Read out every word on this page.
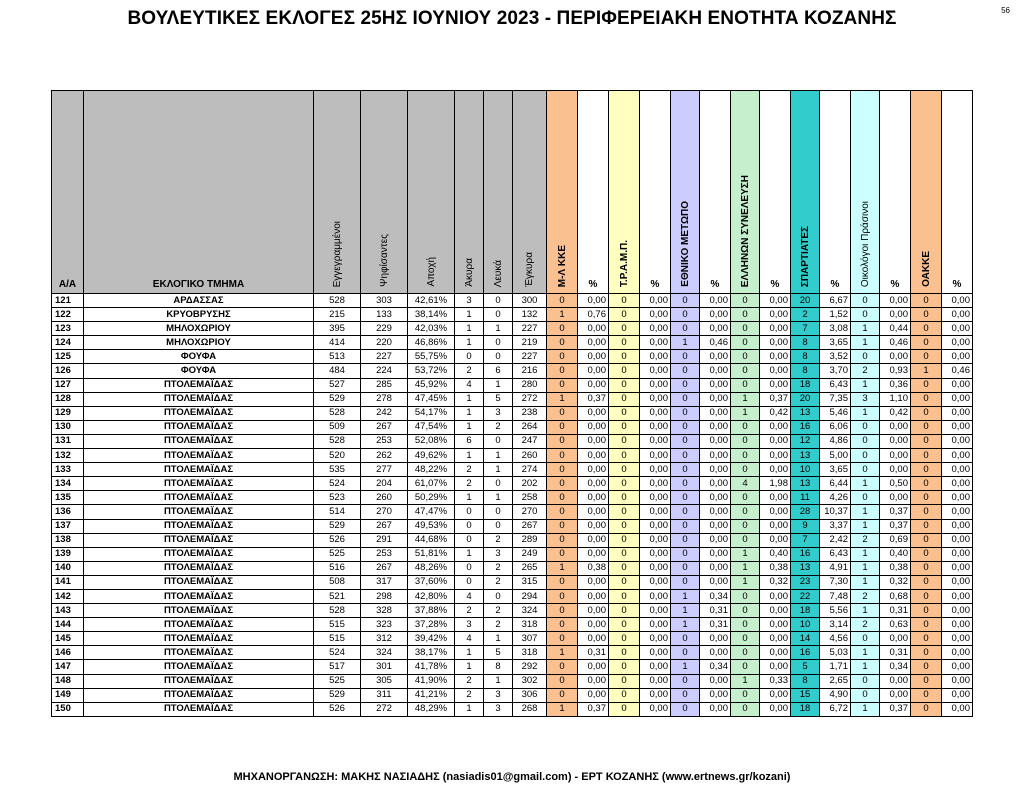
ΒΟΥΛΕΥΤΙΚΕΣ ΕΚΛΟΓΕΣ 25ΗΣ ΙΟΥΝΙΟΥ 2023 - ΠΕΡΙΦΕΡΕΙΑΚΗ ΕΝΟΤΗΤΑ ΚΟΖΑΝΗΣ	56
Α/Α	ΕΚΛΟΓΙΚΟ ΤΜΗΜΑ	Εγγεγραμμένοι	Ψηφίσαντες	Αποχή	Άκυρα	Λευκά	Έγκυρα	Μ-Λ ΚΚΕ	%	Τ.Ρ.Α.Μ.Π.	%	ΕΘΝΙΚΟ ΜΕΤΩΠΟ	%	ΕΛΛΗΝΩΝ ΣΥΝΕΛΕΥΣΗ	%	ΣΠΑΡΤΙΑΤΕΣ	%	Οικολόγοι Πράσινοι	%	ΟΑΚΚΕ	%
121	ΑΡΔΑΣΣΑΣ	528	303	42,61%	3	0	300	0	0,00	0	0,00	0	0,00	0	0,00	20	6,67	0	0,00	0	0,00
122	ΚΡΥΟΒΡΥΣΗΣ	215	133	38,14%	1	0	132	1	0,76	0	0,00	0	0,00	0	0,00	2	1,52	0	0,00	0	0,00
123	ΜΗΛΟΧΩΡΙΟΥ	395	229	42,03%	1	1	227	0	0,00	0	0,00	0	0,00	0	0,00	7	3,08	1	0,44	0	0,00
124	ΜΗΛΟΧΩΡΙΟΥ	414	220	46,86%	1	0	219	0	0,00	0	0,00	1	0,46	0	0,00	8	3,65	1	0,46	0	0,00
125	ΦΟΥΦΑ	513	227	55,75%	0	0	227	0	0,00	0	0,00	0	0,00	0	0,00	8	3,52	0	0,00	0	0,00
126	ΦΟΥΦΑ	484	224	53,72%	2	6	216	0	0,00	0	0,00	0	0,00	0	0,00	8	3,70	2	0,93	1	0,46
127	ΠΤΟΛΕΜΑΪΔΑΣ	527	285	45,92%	4	1	280	0	0,00	0	0,00	0	0,00	0	0,00	18	6,43	1	0,36	0	0,00
128	ΠΤΟΛΕΜΑΪΔΑΣ	529	278	47,45%	1	5	272	1	0,37	0	0,00	0	0,00	1	0,37	20	7,35	3	1,10	0	0,00
129	ΠΤΟΛΕΜΑΪΔΑΣ	528	242	54,17%	1	3	238	0	0,00	0	0,00	0	0,00	1	0,42	13	5,46	1	0,42	0	0,00
130	ΠΤΟΛΕΜΑΪΔΑΣ	509	267	47,54%	1	2	264	0	0,00	0	0,00	0	0,00	0	0,00	16	6,06	0	0,00	0	0,00
131	ΠΤΟΛΕΜΑΪΔΑΣ	528	253	52,08%	6	0	247	0	0,00	0	0,00	0	0,00	0	0,00	12	4,86	0	0,00	0	0,00
132	ΠΤΟΛΕΜΑΪΔΑΣ	520	262	49,62%	1	1	260	0	0,00	0	0,00	0	0,00	0	0,00	13	5,00	0	0,00	0	0,00
133	ΠΤΟΛΕΜΑΪΔΑΣ	535	277	48,22%	2	1	274	0	0,00	0	0,00	0	0,00	0	0,00	10	3,65	0	0,00	0	0,00
134	ΠΤΟΛΕΜΑΪΔΑΣ	524	204	61,07%	2	0	202	0	0,00	0	0,00	0	0,00	4	1,98	13	6,44	1	0,50	0	0,00
135	ΠΤΟΛΕΜΑΪΔΑΣ	523	260	50,29%	1	1	258	0	0,00	0	0,00	0	0,00	0	0,00	11	4,26	0	0,00	0	0,00
136	ΠΤΟΛΕΜΑΪΔΑΣ	514	270	47,47%	0	0	270	0	0,00	0	0,00	0	0,00	0	0,00	28	10,37	1	0,37	0	0,00
137	ΠΤΟΛΕΜΑΪΔΑΣ	529	267	49,53%	0	0	267	0	0,00	0	0,00	0	0,00	0	0,00	9	3,37	1	0,37	0	0,00
138	ΠΤΟΛΕΜΑΪΔΑΣ	526	291	44,68%	0	2	289	0	0,00	0	0,00	0	0,00	0	0,00	7	2,42	2	0,69	0	0,00
139	ΠΤΟΛΕΜΑΪΔΑΣ	525	253	51,81%	1	3	249	0	0,00	0	0,00	0	0,00	1	0,40	16	6,43	1	0,40	0	0,00
140	ΠΤΟΛΕΜΑΪΔΑΣ	516	267	48,26%	0	2	265	1	0,38	0	0,00	0	0,00	1	0,38	13	4,91	1	0,38	0	0,00
141	ΠΤΟΛΕΜΑΪΔΑΣ	508	317	37,60%	0	2	315	0	0,00	0	0,00	0	0,00	1	0,32	23	7,30	1	0,32	0	0,00
142	ΠΤΟΛΕΜΑΪΔΑΣ	521	298	42,80%	4	0	294	0	0,00	0	0,00	1	0,34	0	0,00	22	7,48	2	0,68	0	0,00
143	ΠΤΟΛΕΜΑΪΔΑΣ	528	328	37,88%	2	2	324	0	0,00	0	0,00	1	0,31	0	0,00	18	5,56	1	0,31	0	0,00
144	ΠΤΟΛΕΜΑΪΔΑΣ	515	323	37,28%	3	2	318	0	0,00	0	0,00	1	0,31	0	0,00	10	3,14	2	0,63	0	0,00
145	ΠΤΟΛΕΜΑΪΔΑΣ	515	312	39,42%	4	1	307	0	0,00	0	0,00	0	0,00	0	0,00	14	4,56	0	0,00	0	0,00
146	ΠΤΟΛΕΜΑΪΔΑΣ	524	324	38,17%	1	5	318	1	0,31	0	0,00	0	0,00	0	0,00	16	5,03	1	0,31	0	0,00
147	ΠΤΟΛΕΜΑΪΔΑΣ	517	301	41,78%	1	8	292	0	0,00	0	0,00	1	0,34	0	0,00	5	1,71	1	0,34	0	0,00
148	ΠΤΟΛΕΜΑΪΔΑΣ	525	305	41,90%	2	1	302	0	0,00	0	0,00	0	0,00	1	0,33	8	2,65	0	0,00	0	0,00
149	ΠΤΟΛΕΜΑΪΔΑΣ	529	311	41,21%	2	3	306	0	0,00	0	0,00	0	0,00	0	0,00	15	4,90	0	0,00	0	0,00
150	ΠΤΟΛΕΜΑΪΔΑΣ	526	272	48,29%	1	3	268	1	0,37	0	0,00	0	0,00	0	0,00	18	6,72	1	0,37	0	0,00
ΜΗΧΑΝΟΡΓΑΝΩΣΗ: ΜΑΚΗΣ ΝΑΣΙΑΔΗΣ (nasiadis01@gmail.com) - ΕΡΤ ΚΟΖΑΝΗΣ (www.ertnews.gr/kozani)
